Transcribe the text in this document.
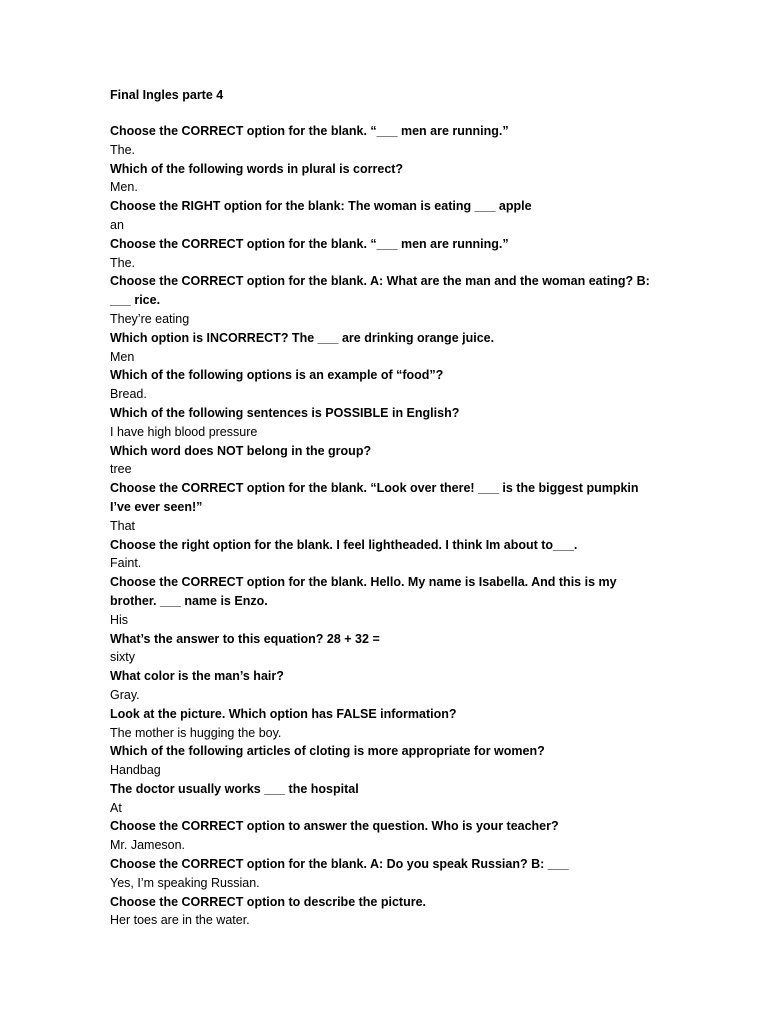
Final Ingles parte 4

Choose the CORRECT option for the blank. “___ men are running.”

The.

Which of the following words in plural is correct?

Men.

Choose the RIGHT option for the blank: The woman is eating ___ apple

an

Choose the CORRECT option for the blank. “___ men are running.”

The.

Choose the CORRECT option for the blank. A: What are the man and the woman eating? B: ___ rice.

They’re eating

Which option is INCORRECT? The ___ are drinking orange juice.

Men

Which of the following options is an example of “food”?

Bread.

Which of the following sentences is POSSIBLE in English?

I have high blood pressure

Which word does NOT belong in the group?

tree

Choose the CORRECT option for the blank. “Look over there! ___ is the biggest pumpkin I’ve ever seen!”

That

Choose the right option for the blank. I feel lightheaded. I think Im about to___.

Faint.

Choose the CORRECT option for the blank. Hello. My name is Isabella. And this is my brother. ___ name is Enzo.

His

What’s the answer to this equation? 28 + 32 =

sixty

What color is the man’s hair?

Gray.

Look at the picture. Which option has FALSE information?

The mother is hugging the boy.

Which of the following articles of cloting is more appropriate for women?

Handbag

The doctor usually works ___ the hospital

At

Choose the CORRECT option to answer the question. Who is your teacher?

Mr. Jameson.

Choose the CORRECT option for the blank. A: Do you speak Russian? B: ___

Yes, I’m speaking Russian.

Choose the CORRECT option to describe the picture.

Her toes are in the water.
